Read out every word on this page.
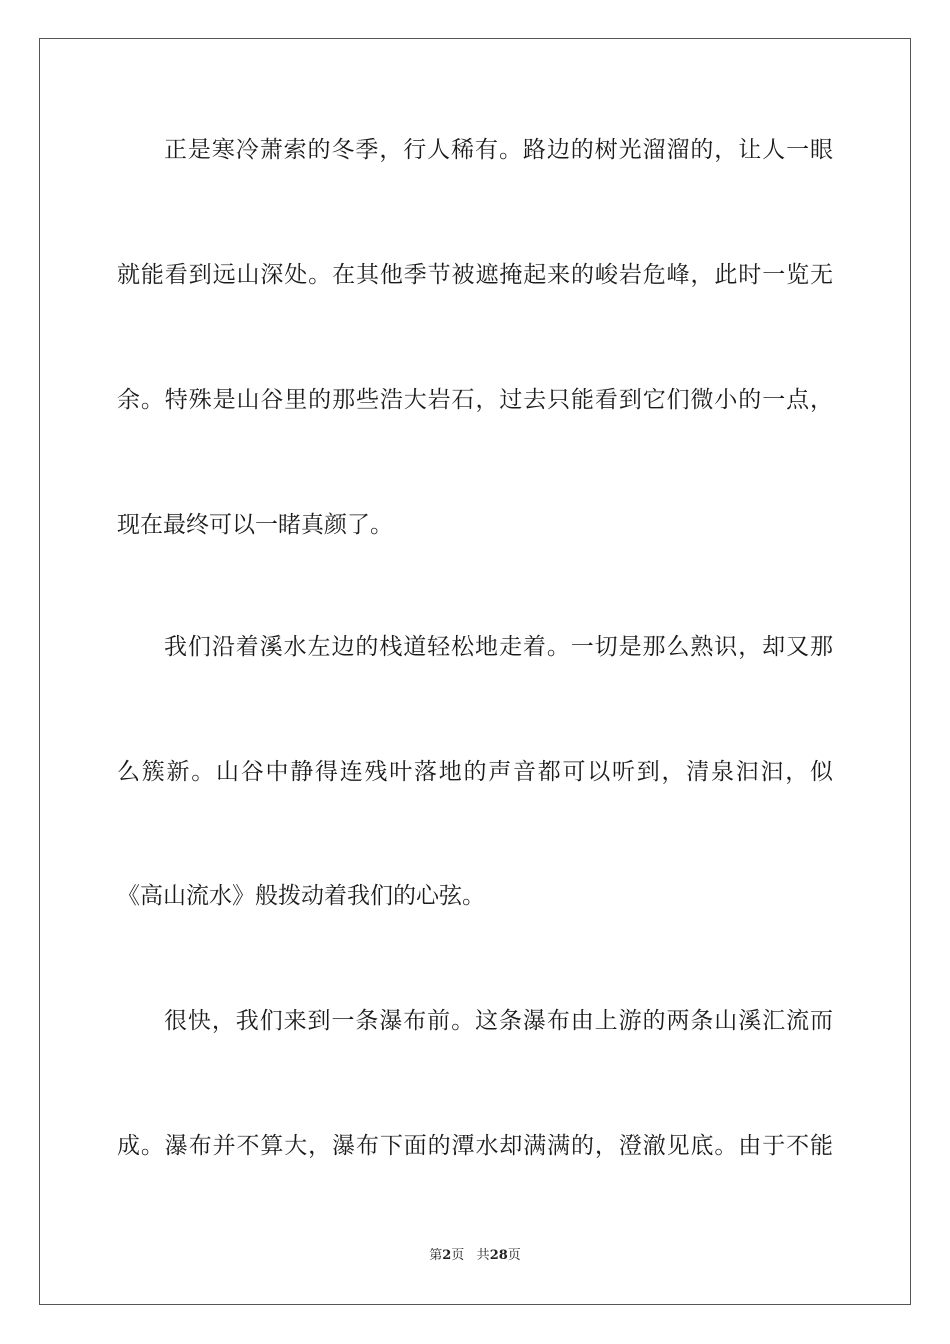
正是寒冷萧索的冬季，行人稀有。路边的树光溜溜的，让人一眼
就能看到远山深处。在其他季节被遮掩起来的峻岩危峰，此时一览无
余。特殊是山谷里的那些浩大岩石，过去只能看到它们微小的一点，
现在最终可以一睹真颜了。
我们沿着溪水左边的栈道轻松地走着。一切是那么熟识，却又那
么簇新。山谷中静得连残叶落地的声音都可以听到，清泉汩汩，似
《高山流水》般拨动着我们的心弦。
很快，我们来到一条瀑布前。这条瀑布由上游的两条山溪汇流而
成。瀑布并不算大，瀑布下面的潭水却满满的，澄澈见底。由于不能
第2页 共28页
